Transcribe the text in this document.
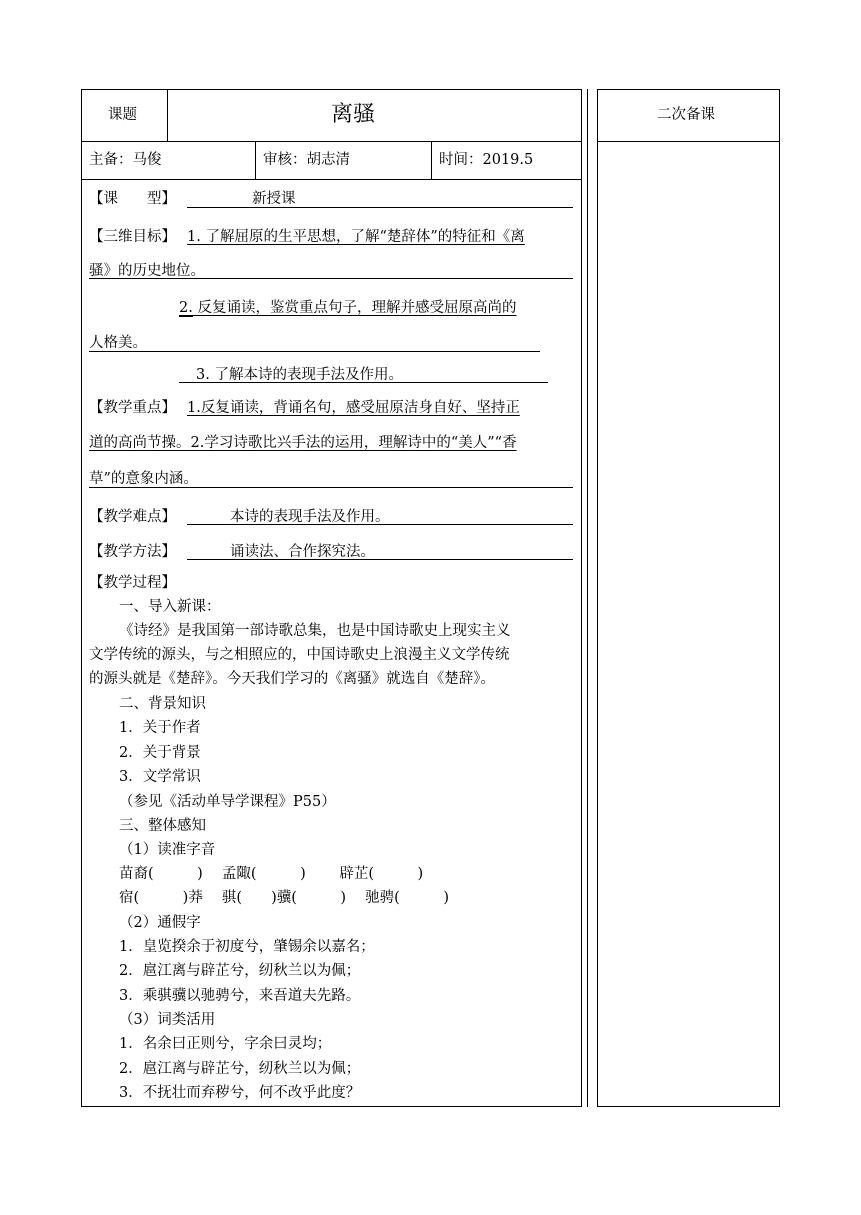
课题	离骚	二次备课
主备：马俊	审核：胡志清	时间：2019.5
【课　　型】	新授课
【三维目标】 1. 了解屈原的生平思想，了解“楚辞体”的特征和《离
骚》的历史地位。
2. 反复诵读，鉴赏重点句子，理解并感受屈原高尚的
人格美。
3. 了解本诗的表现手法及作用。
【教学重点】 1.反复诵读，背诵名句，感受屈原洁身自好、坚持正
道的高尚节操。2.学习诗歌比兴手法的运用，理解诗中的“美人”“香
草”的意象内涵。
【教学难点】	本诗的表现手法及作用。
【教学方法】	诵读法、合作探究法。
【教学过程】
一、导入新课：
《诗经》是我国第一部诗歌总集，也是中国诗歌史上现实主义
文学传统的源头，与之相照应的，中国诗歌史上浪漫主义文学传统
的源头就是《楚辞》。今天我们学习的《离骚》就选自《楚辞》。
二、背景知识
1．关于作者
2．关于背景
3．文学常识
（参见《活动单导学课程》P55）
三、整体感知
（1）读准字音
苗裔(　　　)　 孟陬(　　　)　　 辟芷(　　　)
宿(　　　)莽　 骐(　　)骥(　　　)　 驰骋(　　　)
（2）通假字
1．皇览揆余于初度兮，肇锡余以嘉名；
2．扈江离与辟芷兮，纫秋兰以为佩；
3．乘骐骥以驰骋兮，来吾道夫先路。
（3）词类活用
1．名余曰正则兮，字余曰灵均；
2．扈江离与辟芷兮，纫秋兰以为佩；
3．不抚壮而弃秽兮，何不改乎此度？
